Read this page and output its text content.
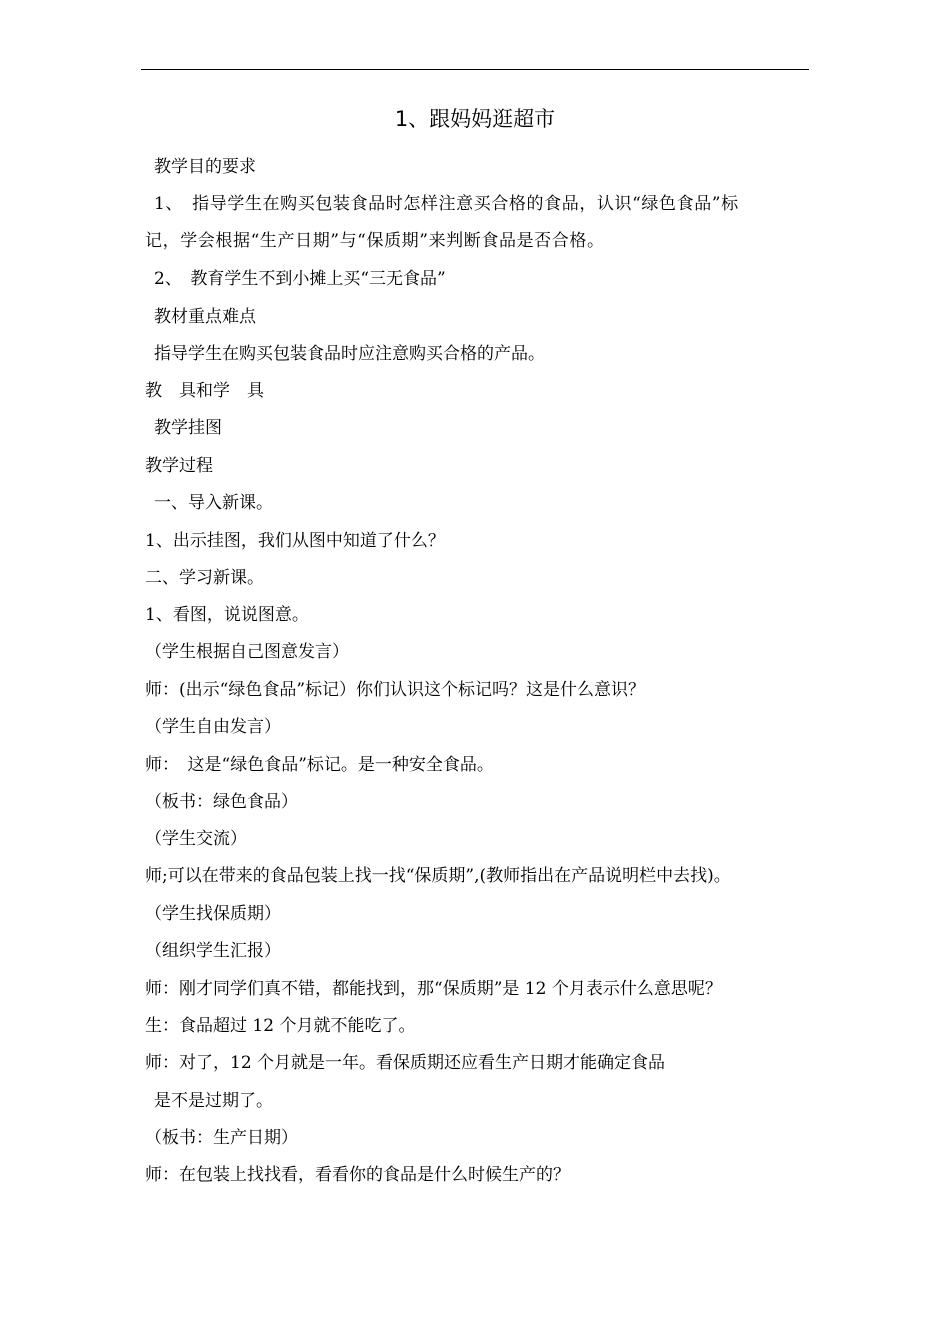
1、跟妈妈逛超市
教学目的要求
1、　指导学生在购买包装食品时怎样注意买合格的食品，认识“绿色食品”标
记，学会根据“生产日期”与“保质期”来判断食品是否合格。
2、　教育学生不到小摊上买“三无食品”
教材重点难点
指导学生在购买包装食品时应注意购买合格的产品。
教　具和学　具
教学挂图
教学过程
一、导入新课。
1、出示挂图，我们从图中知道了什么？
二、学习新课。
1、看图，说说图意。
（学生根据自己图意发言）
师：(出示“绿色食品”标记）你们认识这个标记吗？这是什么意识？
（学生自由发言）
师：　这是“绿色食品”标记。是一种安全食品。
（板书：绿色食品）
（学生交流）
师;可以在带来的食品包装上找一找“保质期”,(教师指出在产品说明栏中去找)。
（学生找保质期）
（组织学生汇报）
师：刚才同学们真不错，都能找到，那“保质期”是 12 个月表示什么意思呢？
生：食品超过 12 个月就不能吃了。
师：对了，12 个月就是一年。看保质期还应看生产日期才能确定食品
是不是过期了。
（板书：生产日期）
师：在包装上找找看，看看你的食品是什么时候生产的？
